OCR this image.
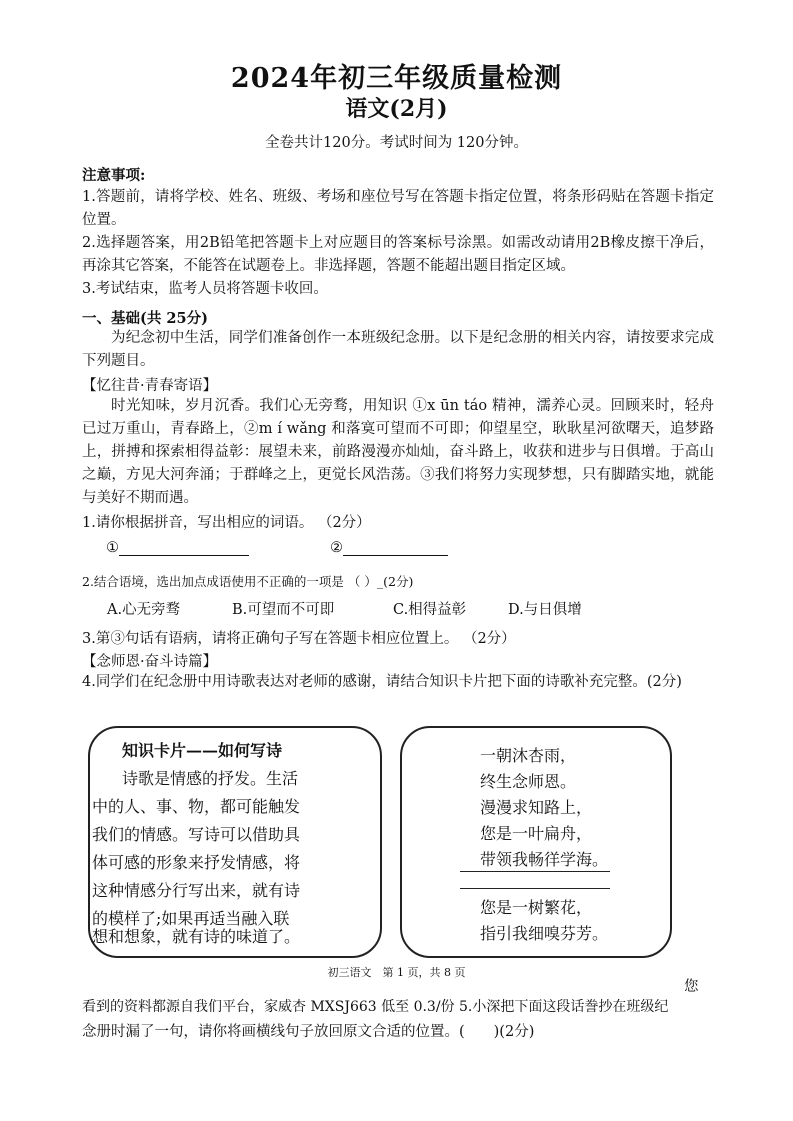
2024年初三年级质量检测
语文(2月)
全卷共计120分。考试时间为 120分钟。
注意事项:
1.答题前，请将学校、姓名、班级、考场和座位号写在答题卡指定位置，将条形码贴在答题卡指定位置。
2.选择题答案，用2B铅笔把答题卡上对应题目的答案标号涂黑。如需改动请用2B橡皮擦干净后，再涂其它答案，不能答在试题卷上。非选择题，答题不能超出题目指定区域。
3.考试结束，监考人员将答题卡收回。
一、基础(共 25分)
为纪念初中生活，同学们准备创作一本班级纪念册。以下是纪念册的相关内容，请按要求完成下列题目。
【忆往昔·青春寄语】
时光知味，岁月沉香。我们心无旁骛，用知识 ①x ūn táo 精神，濡养心灵。回顾来时，轻舟已过万重山，青春路上，②m í wǎng 和落寞可望而不可即；仰望星空，耿耿星河欲曙天，追梦路上，拼搏和探索相得益彰：展望未来，前路漫漫亦灿灿，奋斗路上，收获和进步与日俱增。于高山之巅，方见大河奔涌；于群峰之上，更觉长风浩荡。③我们将努力实现梦想，只有脚踏实地，就能与美好不期而遇。
1.请你根据拼音，写出相应的词语。 （2分）
①	②
2.结合语境，选出加点成语使用不正确的一项是 （ ）_(2分)
A.心无旁骛	B.可望而不可即	C.相得益彰	D.与日俱增
3.第③句话有语病，请将正确句子写在答题卡相应位置上。 （2分）
【念师恩·奋斗诗篇】
4.同学们在纪念册中用诗歌表达对老师的感谢，请结合知识卡片把下面的诗歌补充完整。(2分)
知识卡片——如何写诗
诗歌是情感的抒发。生活
中的人、事、物，都可能触发
我们的情感。写诗可以借助具
体可感的形象来抒发情感，将
这种情感分行写出来，就有诗
的模样了;如果再适当融入联
想和想象，就有诗的味道了。
一朝沐杏雨，
终生念师恩。
漫漫求知路上，
您是一叶扁舟，
带领我畅徉学海。
您是一树繁花，
指引我细嗅芬芳。
初三语文　第 1 页，共 8 页
您
看到的资料都源自我们平台，家威杏 MXSJ663 低至 0.3/份 5.小深把下面这段话誊抄在班级纪
念册时漏了一句，请你将画横线句子放回原文合适的位置。(　　)(2分)
